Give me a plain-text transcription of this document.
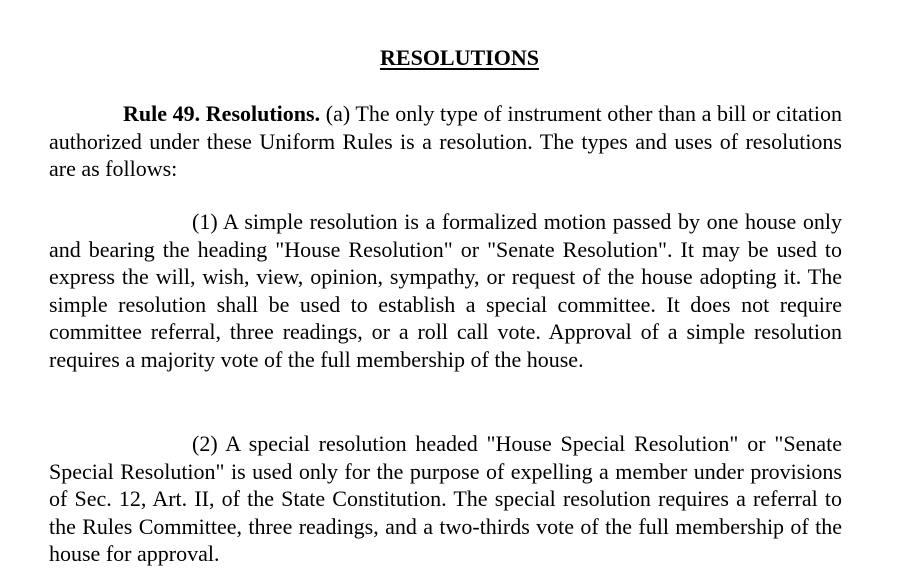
RESOLUTIONS

Rule 49. Resolutions. (a) The only type of instrument other than a bill or citation authorized under these Uniform Rules is a resolution. The types and uses of resolutions are as follows:

(1) A simple resolution is a formalized motion passed by one house only and bearing the heading "House Resolution" or "Senate Resolution". It may be used to express the will, wish, view, opinion, sympathy, or request of the house adopting it. The simple resolution shall be used to establish a special committee. It does not require committee referral, three readings, or a roll call vote. Approval of a simple resolution requires a majority vote of the full membership of the house.

(2) A special resolution headed "House Special Resolution" or "Senate Special Resolution" is used only for the purpose of expelling a member under provisions of Sec. 12, Art. II, of the State Constitution. The special resolution requires a referral to the Rules Committee, three readings, and a two-thirds vote of the full membership of the house for approval.
